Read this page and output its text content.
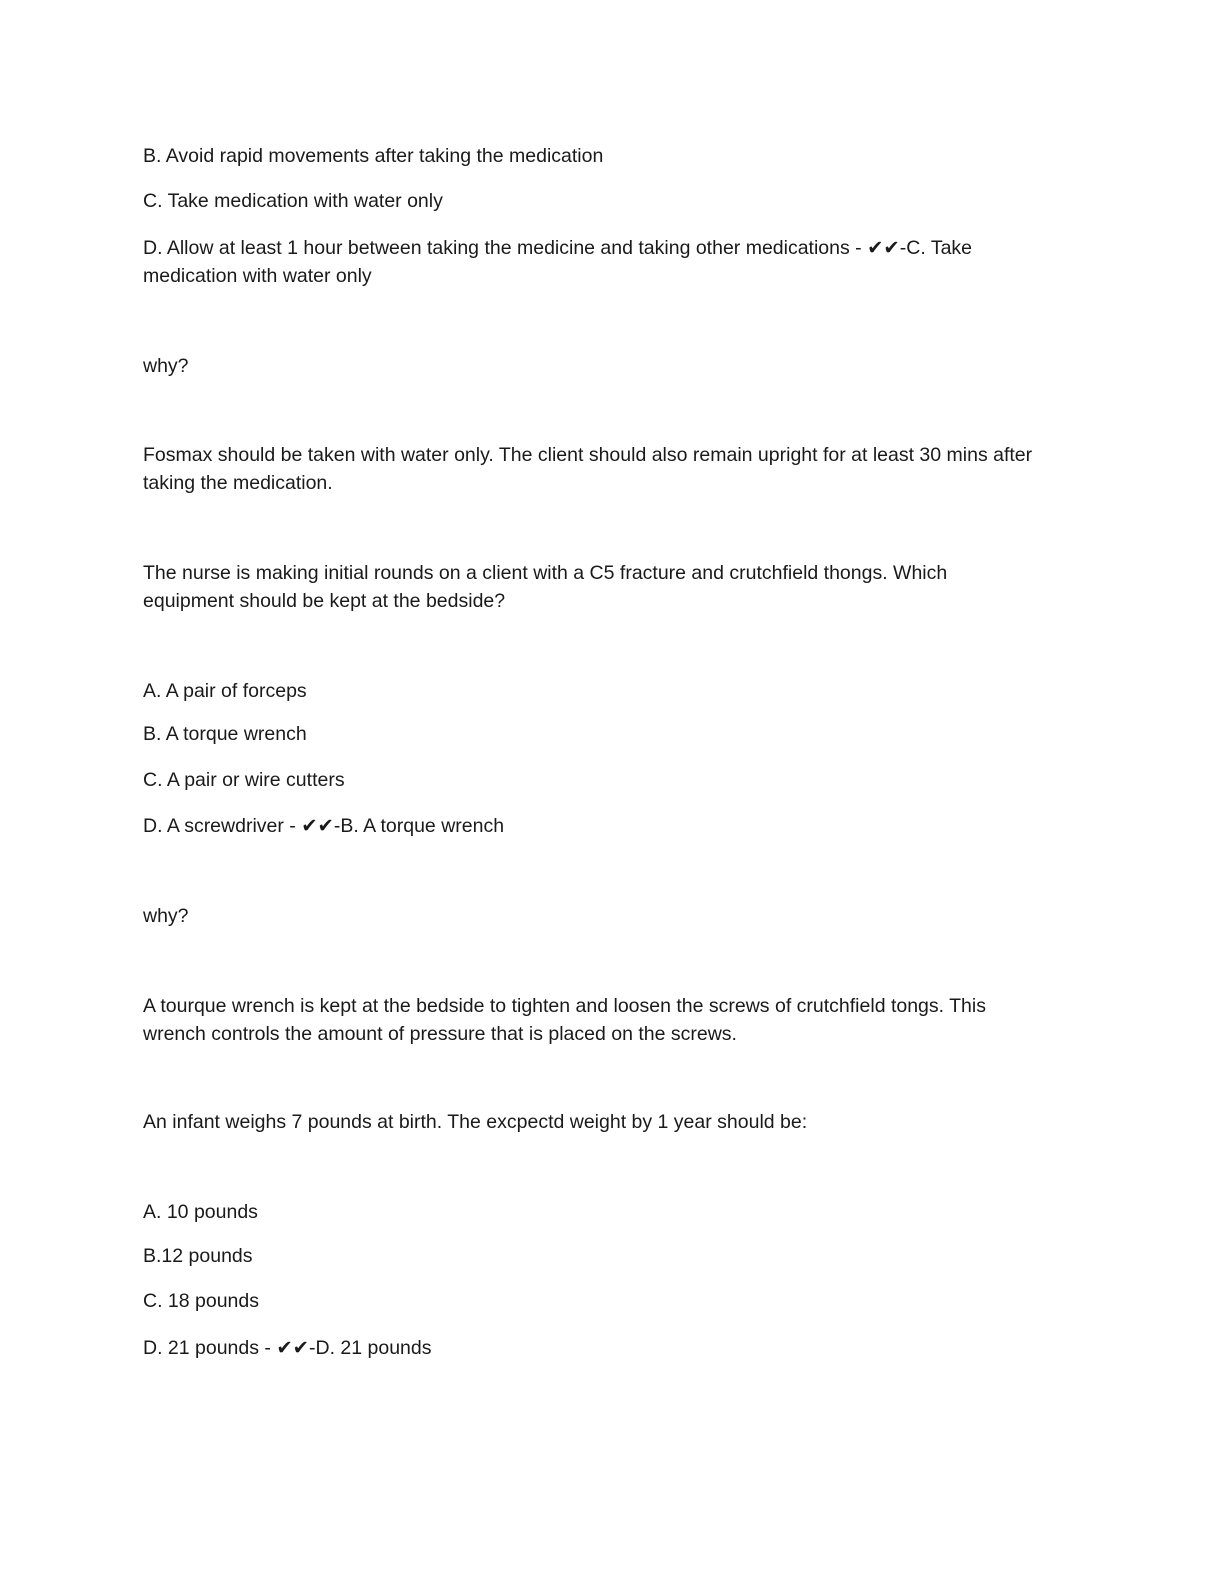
B. Avoid rapid movements after taking the medication

C. Take medication with water only

D. Allow at least 1 hour between taking the medicine and taking other medications - ✔✔-C. Take
medication with water only

why?

Fosmax should be taken with water only. The client should also remain upright for at least 30 mins after
taking the medication.
The nurse is making initial rounds on a client with a C5 fracture and crutchfield thongs. Which
equipment should be kept at the bedside?

A. A pair of forceps

B. A torque wrench

C. A pair or wire cutters

D. A screwdriver - ✔✔-B. A torque wrench

why?

A tourque wrench is kept at the bedside to tighten and loosen the screws of crutchfield tongs. This
wrench controls the amount of pressure that is placed on the screws.

An infant weighs 7 pounds at birth. The excpectd weight by 1 year should be:

A. 10 pounds

B.12 pounds

C. 18 pounds

D. 21 pounds - ✔✔-D. 21 pounds
